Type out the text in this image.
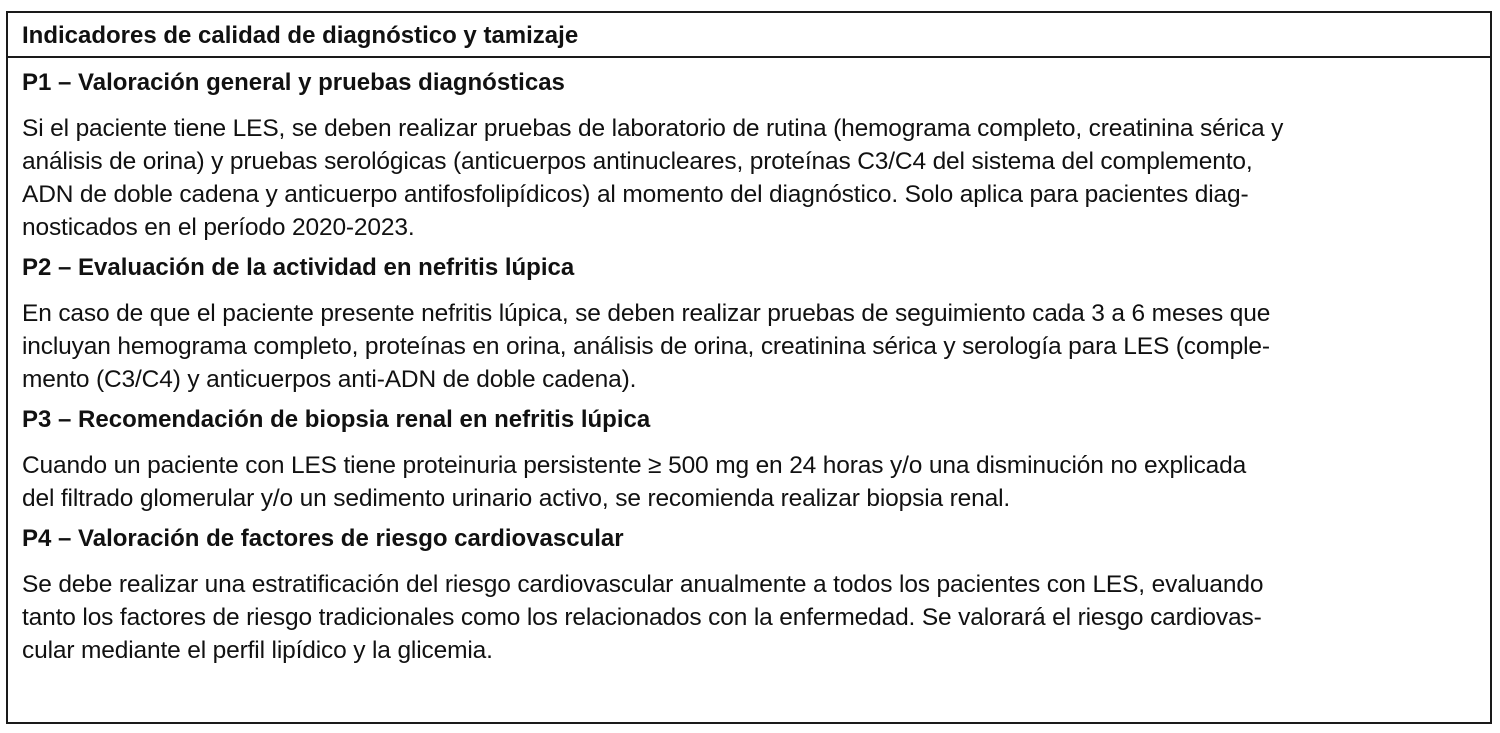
Indicadores de calidad de diagnóstico y tamizaje
P1 – Valoración general y pruebas diagnósticas

Si el paciente tiene LES, se deben realizar pruebas de laboratorio de rutina (hemograma completo, creatinina sérica y
análisis de orina) y pruebas serológicas (anticuerpos antinucleares, proteínas C3/C4 del sistema del complemento,
ADN de doble cadena y anticuerpo antifosfolipídicos) al momento del diagnóstico. Solo aplica para pacientes diag-
nosticados en el período 2020-2023.

P2 – Evaluación de la actividad en nefritis lúpica

En caso de que el paciente presente nefritis lúpica, se deben realizar pruebas de seguimiento cada 3 a 6 meses que
incluyan hemograma completo, proteínas en orina, análisis de orina, creatinina sérica y serología para LES (comple-
mento (C3/C4) y anticuerpos anti-ADN de doble cadena).

P3 – Recomendación de biopsia renal en nefritis lúpica

Cuando un paciente con LES tiene proteinuria persistente ≥ 500 mg en 24 horas y/o una disminución no explicada
del filtrado glomerular y/o un sedimento urinario activo, se recomienda realizar biopsia renal.

P4 – Valoración de factores de riesgo cardiovascular

Se debe realizar una estratificación del riesgo cardiovascular anualmente a todos los pacientes con LES, evaluando
tanto los factores de riesgo tradicionales como los relacionados con la enfermedad. Se valorará el riesgo cardiovas-
cular mediante el perfil lipídico y la glicemia.
